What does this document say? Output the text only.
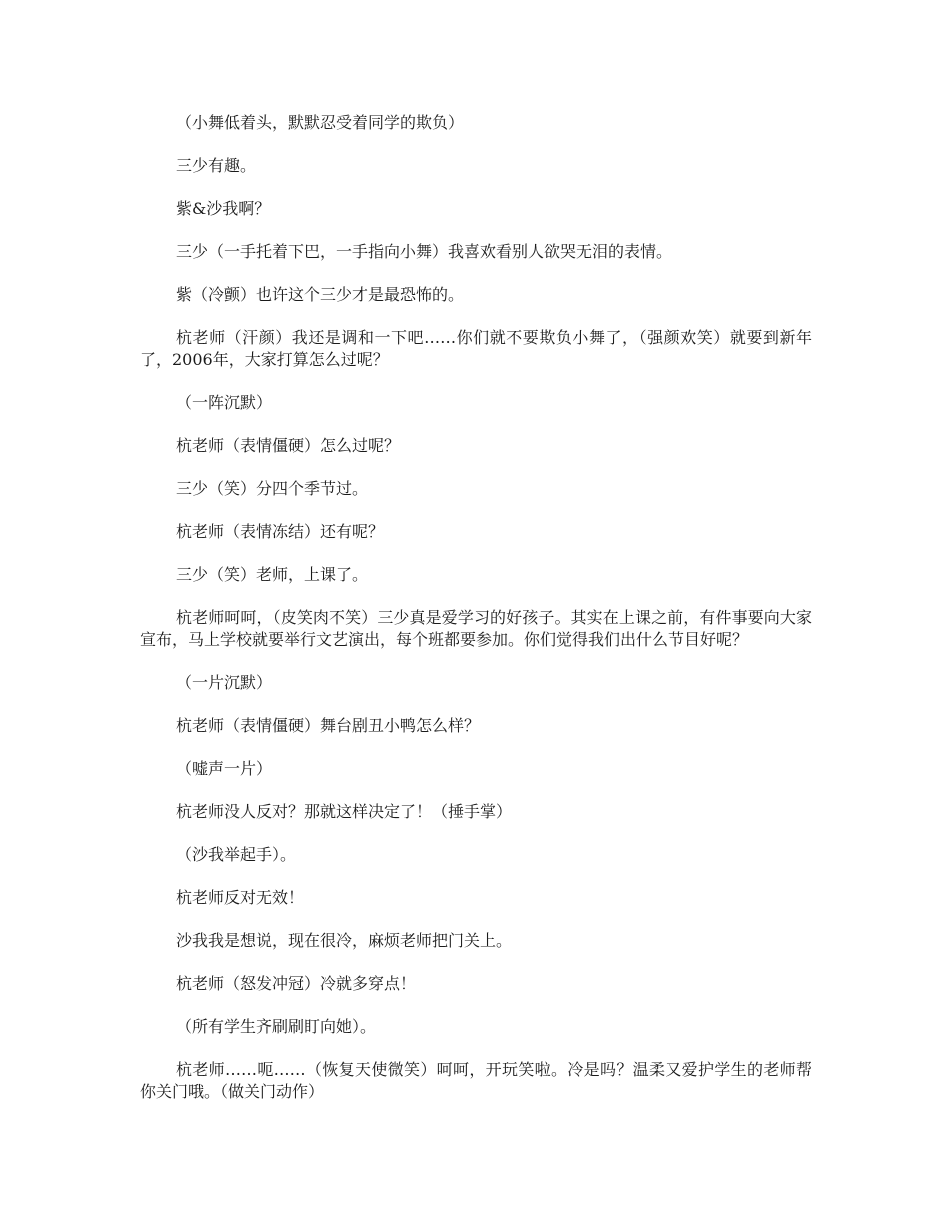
（小舞低着头，默默忍受着同学的欺负）

三少有趣。

紫&沙我啊？

三少（一手托着下巴，一手指向小舞）我喜欢看别人欲哭无泪的表情。

紫（冷颤）也许这个三少才是最恐怖的。

杭老师（汗颜）我还是调和一下吧……你们就不要欺负小舞了，（强颜欢笑）就要到新年了，2006年，大家打算怎么过呢？

（一阵沉默）

杭老师（表情僵硬）怎么过呢？

三少（笑）分四个季节过。

杭老师（表情冻结）还有呢？

三少（笑）老师，上课了。

杭老师呵呵，（皮笑肉不笑）三少真是爱学习的好孩子。其实在上课之前，有件事要向大家宣布，马上学校就要举行文艺演出，每个班都要参加。你们觉得我们出什么节目好呢？

（一片沉默）

杭老师（表情僵硬）舞台剧丑小鸭怎么样？

（嘘声一片）

杭老师没人反对？那就这样决定了！（捶手掌）

（沙我举起手）。

杭老师反对无效！

沙我我是想说，现在很冷，麻烦老师把门关上。

杭老师（怒发冲冠）冷就多穿点！

（所有学生齐刷刷盯向她）。

杭老师……呃……（恢复天使微笑）呵呵，开玩笑啦。冷是吗？温柔又爱护学生的老师帮你关门哦。（做关门动作）
